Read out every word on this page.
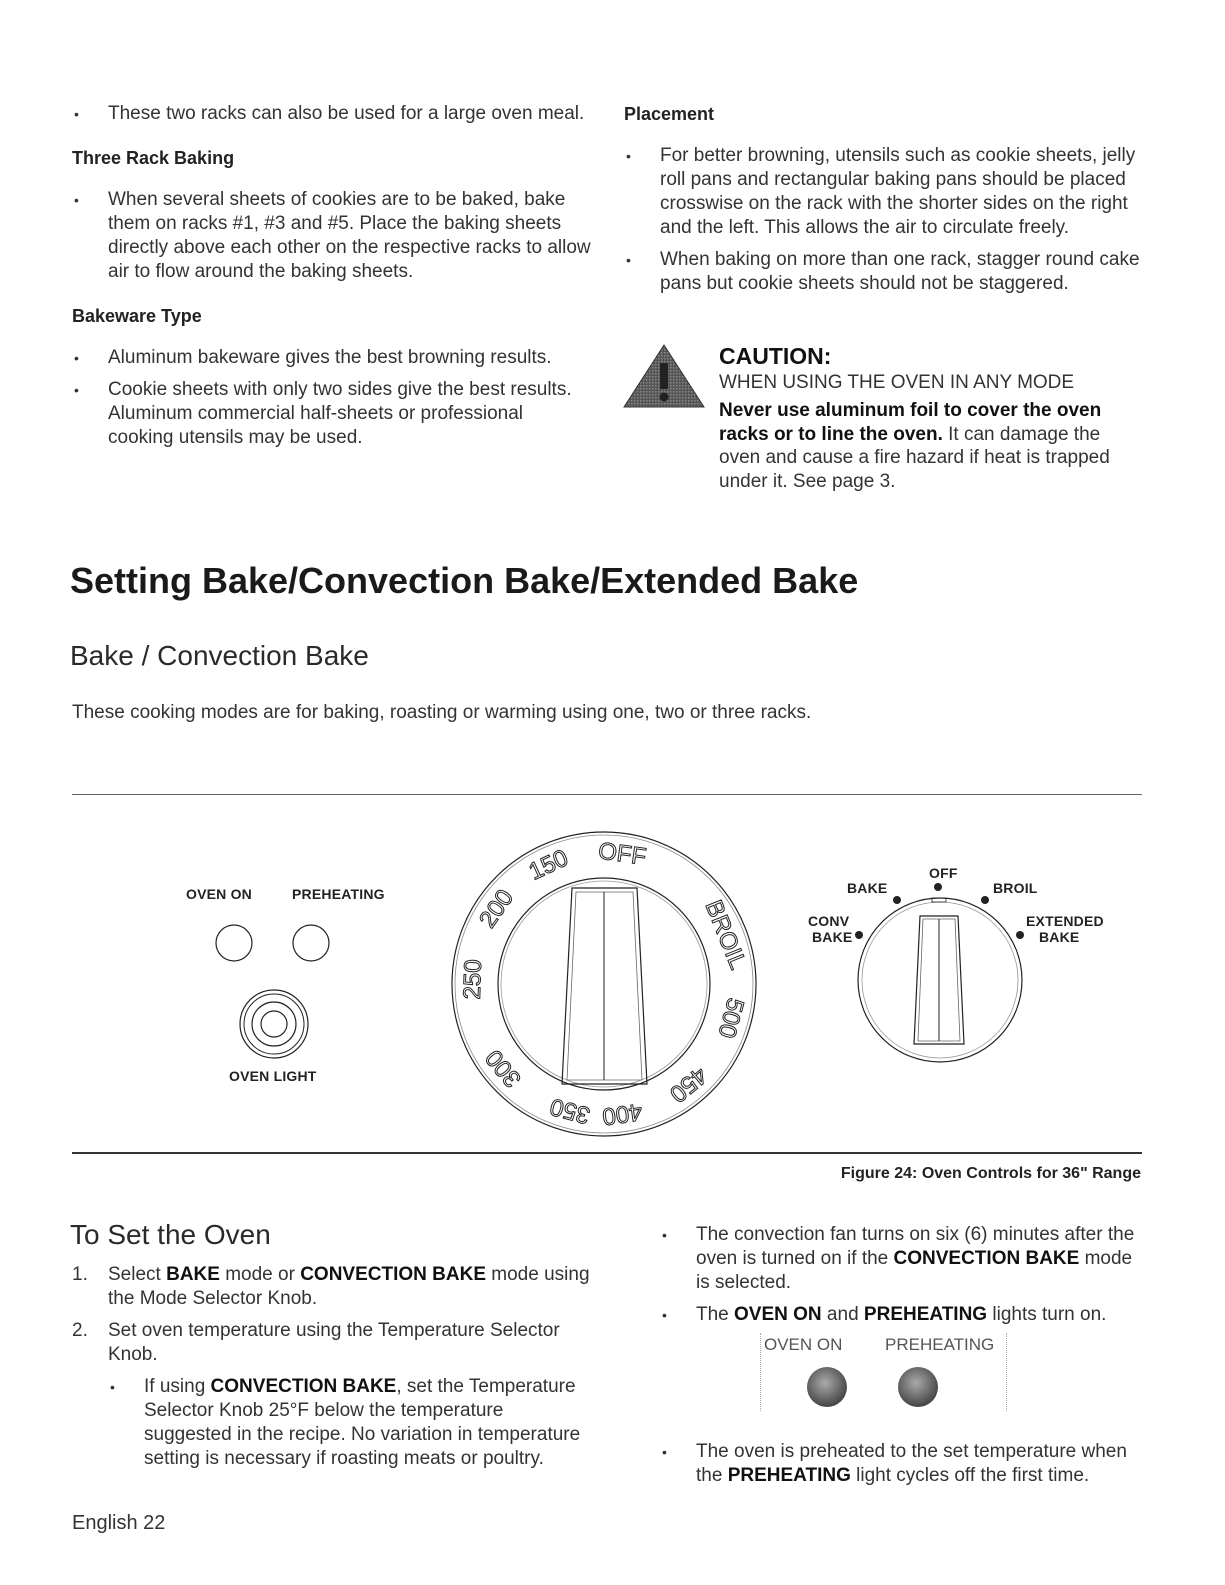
• These two racks can also be used for a large oven meal.
Three Rack Baking
• When several sheets of cookies are to be baked, bake them on racks #1, #3 and #5. Place the baking sheets directly above each other on the respective racks to allow air to flow around the baking sheets.
Bakeware Type
• Aluminum bakeware gives the best browning results.
• Cookie sheets with only two sides give the best results. Aluminum commercial half-sheets or professional cooking utensils may be used.
Placement
• For better browning, utensils such as cookie sheets, jelly roll pans and rectangular baking pans should be placed crosswise on the rack with the shorter sides on the right and the left. This allows the air to circulate freely.
• When baking on more than one rack, stagger round cake pans but cookie sheets should not be staggered.
CAUTION:
WHEN USING THE OVEN IN ANY MODE
Never use aluminum foil to cover the oven racks or to line the oven. It can damage the oven and cause a fire hazard if heat is trapped under it. See page 3.
Setting Bake/Convection Bake/Extended Bake
Bake / Convection Bake
These cooking modes are for baking, roasting or warming using one, two or three racks.
OVEN ON	PREHEATING
OVEN LIGHT
OFF
150
200
250
300
350 400
450
500
BROIL
OFF
BAKE	BROIL
CONV
BAKE
EXTENDED
BAKE
Figure 24: Oven Controls for 36" Range
To Set the Oven
1. Select BAKE mode or CONVECTION BAKE mode using the Mode Selector Knob.
2. Set oven temperature using the Temperature Selector Knob.
• If using CONVECTION BAKE, set the Temperature Selector Knob 25°F below the temperature suggested in the recipe. No variation in temperature setting is necessary if roasting meats or poultry.
• The convection fan turns on six (6) minutes after the oven is turned on if the CONVECTION BAKE mode is selected.
• The OVEN ON and PREHEATING lights turn on.
OVEN ON	PREHEATING
• The oven is preheated to the set temperature when the PREHEATING light cycles off the first time.
English 22
